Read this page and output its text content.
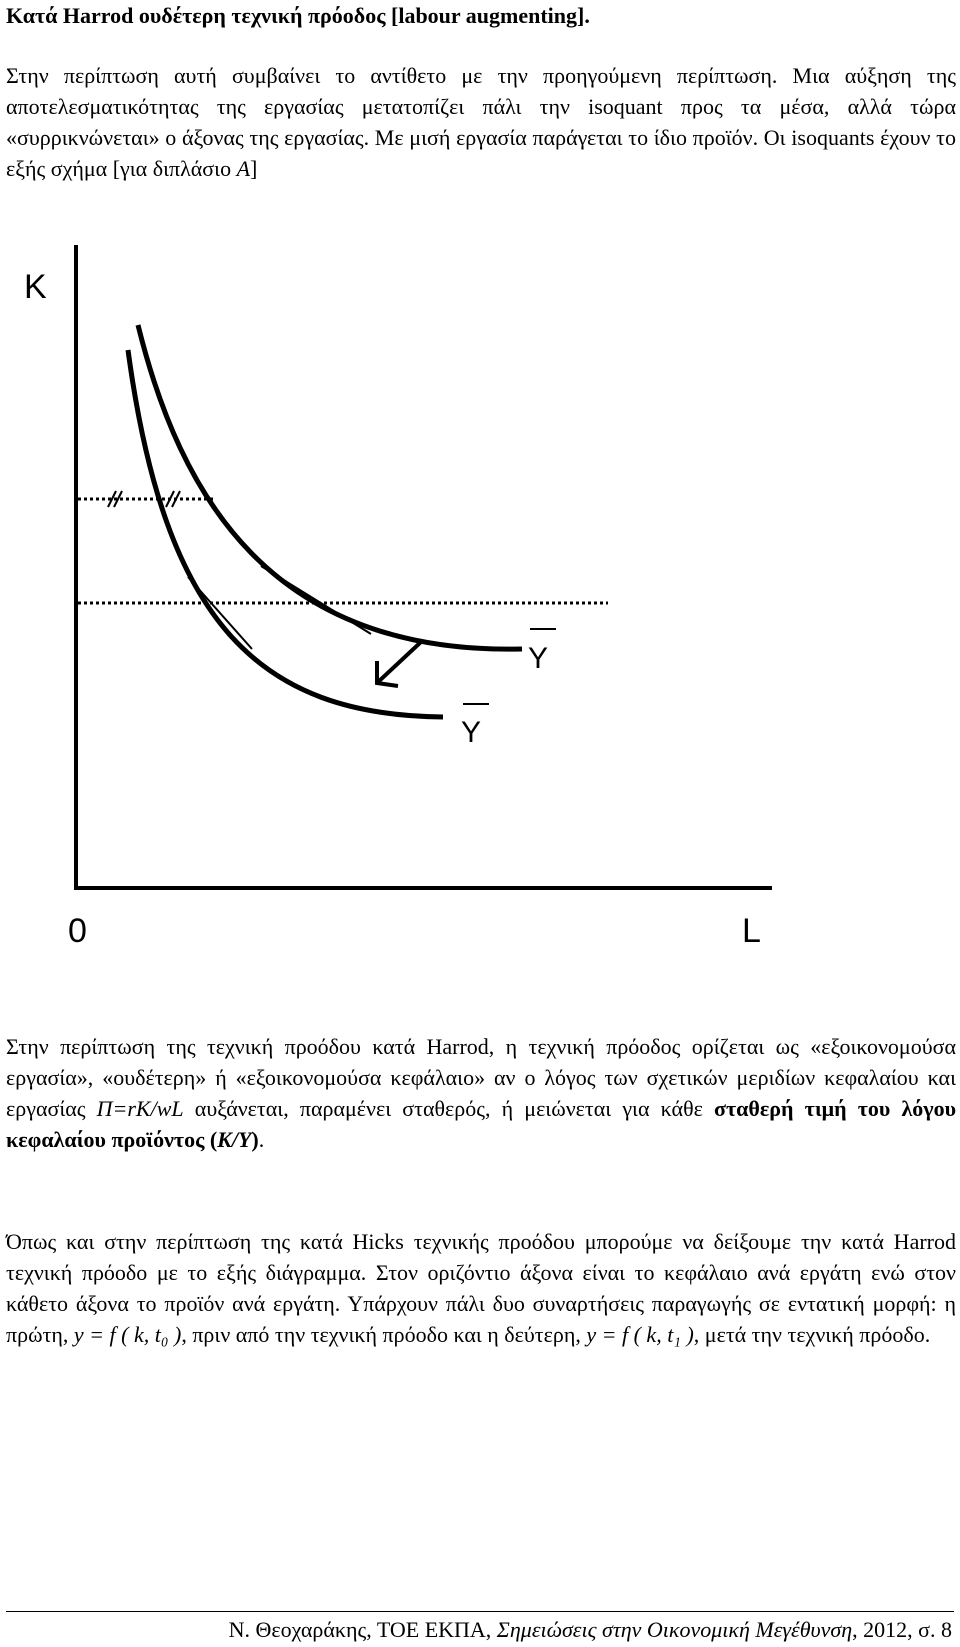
Κατά Harrod ουδέτερη τεχνική πρόοδος [labour augmenting].

Στην περίπτωση αυτή συμβαίνει το αντίθετο με την προηγούμενη περίπτωση. Μια αύξηση της αποτελεσματικότητας της εργασίας μετατοπίζει πάλι την isoquant προς τα μέσα, αλλά τώρα «συρρικνώνεται» ο άξονας της εργασίας. Με μισή εργασία παράγεται το ίδιο προϊόν. Οι isoquants έχουν το εξής σχήμα [για διπλάσιο A]

K
L
0
Y
Y

Στην περίπτωση της τεχνική προόδου κατά Harrod, η τεχνική πρόοδος ορίζεται ως «εξοικονομούσα εργασία», «ουδέτερη» ή «εξοικονομούσα κεφάλαιο» αν ο λόγος των σχετικών μεριδίων κεφαλαίου και εργασίας Π=rK/wL αυξάνεται, παραμένει σταθερός, ή μειώνεται για κάθε σταθερή τιμή του λόγου κεφαλαίου προϊόντος (K/Y).

Όπως και στην περίπτωση της κατά Hicks τεχνικής προόδου μπορούμε να δείξουμε την κατά Harrod τεχνική πρόοδο με το εξής διάγραμμα. Στον οριζόντιο άξονα είναι το κεφάλαιο ανά εργάτη ενώ στον κάθετο άξονα το προϊόν ανά εργάτη. Υπάρχουν πάλι δυο συναρτήσεις παραγωγής σε εντατική μορφή: η πρώτη, y = f ( k, t₀ ), πριν από την τεχνική πρόοδο και η δεύτερη, y = f ( k, t₁ ), μετά την τεχνική πρόοδο.

Ν. Θεοχαράκης, ΤΟΕ ΕΚΠΑ, Σημειώσεις στην Οικονομική Μεγέθυνση, 2012, σ. 8
